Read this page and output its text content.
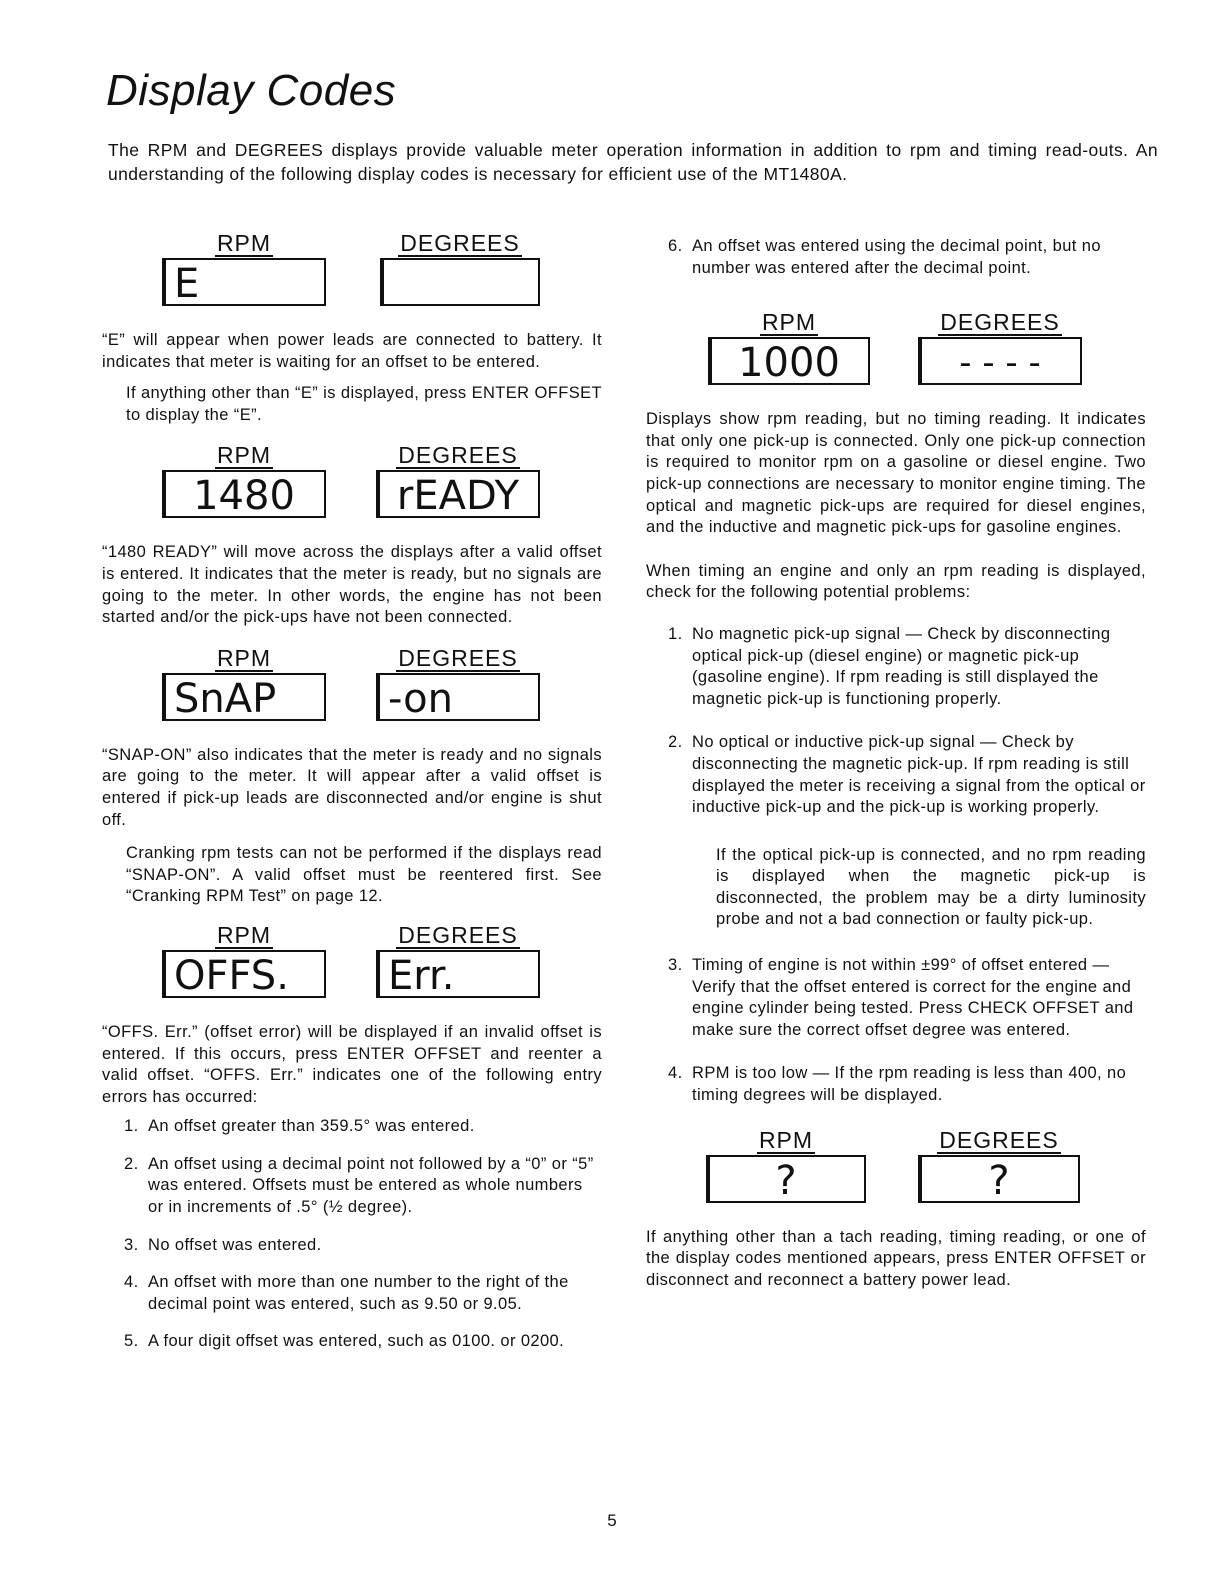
Display Codes

The RPM and DEGREES displays provide valuable meter operation information in addition to rpm and timing read-outs. An understanding of the following display codes is necessary for efficient use of the MT1480A.

RPM
E
DEGREES

“E” will appear when power leads are connected to battery. It indicates that meter is waiting for an offset to be entered.

If anything other than “E” is displayed, press ENTER OFFSET to display the “E”.

RPM
1480
DEGREES
rEADY

“1480 READY” will move across the displays after a valid offset is entered. It indicates that the meter is ready, but no signals are going to the meter. In other words, the engine has not been started and/or the pick-ups have not been connected.

RPM
SnAP
DEGREES
-on

“SNAP-ON” also indicates that the meter is ready and no signals are going to the meter. It will appear after a valid offset is entered if pick-up leads are disconnected and/or engine is shut off.

Cranking rpm tests can not be performed if the displays read “SNAP-ON”. A valid offset must be reentered first. See “Cranking RPM Test” on page 12.

RPM
OFFS.
DEGREES
Err.

“OFFS. Err.” (offset error) will be displayed if an invalid offset is entered. If this occurs, press ENTER OFFSET and reenter a valid offset. “OFFS. Err.” indicates one of the following entry errors has occurred:

1. An offset greater than 359.5° was entered.
2. An offset using a decimal point not followed by a “0” or “5” was entered. Offsets must be entered as whole numbers or in increments of .5° (½ degree).
3. No offset was entered.
4. An offset with more than one number to the right of the decimal point was entered, such as 9.50 or 9.05.
5. A four digit offset was entered, such as 0100. or 0200.
6. An offset was entered using the decimal point, but no number was entered after the decimal point.
RPM
1000
DEGREES
- - - -

Displays show rpm reading, but no timing reading. It indicates that only one pick-up is connected. Only one pick-up connection is required to monitor rpm on a gasoline or diesel engine. Two pick-up connections are necessary to monitor engine timing. The optical and magnetic pick-ups are required for diesel engines, and the inductive and magnetic pick-ups for gasoline engines.

When timing an engine and only an rpm reading is displayed, check for the following potential problems:

1. No magnetic pick-up signal — Check by disconnecting optical pick-up (diesel engine) or magnetic pick-up (gasoline engine). If rpm reading is still displayed the magnetic pick-up is functioning properly.
2. No optical or inductive pick-up signal — Check by disconnecting the magnetic pick-up. If rpm reading is still displayed the meter is receiving a signal from the optical or inductive pick-up and the pick-up is working properly.

If the optical pick-up is connected, and no rpm reading is displayed when the magnetic pick-up is disconnected, the problem may be a dirty luminosity probe and not a bad connection or faulty pick-up.

3. Timing of engine is not within ±99° of offset entered — Verify that the offset entered is correct for the engine and engine cylinder being tested. Press CHECK OFFSET and make sure the correct offset degree was entered.
4. RPM is too low — If the rpm reading is less than 400, no timing degrees will be displayed.
RPM
?
DEGREES
?

If anything other than a tach reading, timing reading, or one of the display codes mentioned appears, press ENTER OFFSET or disconnect and reconnect a battery power lead.

5
